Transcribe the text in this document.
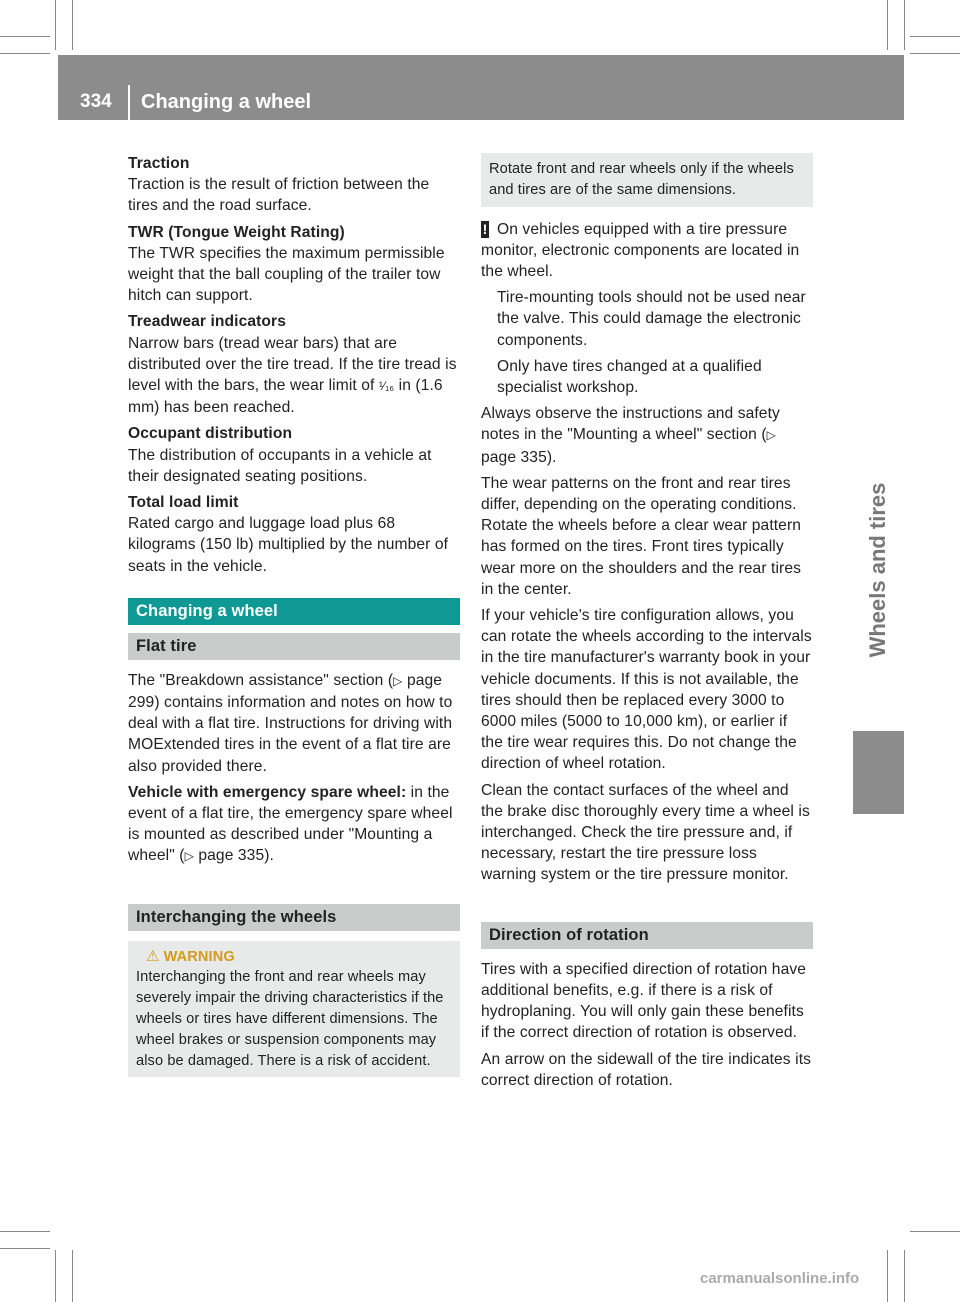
334 Changing a wheel
Wheels and tires

Traction

Traction is the result of friction between the tires and the road surface.

TWR (Tongue Weight Rating)

The TWR specifies the maximum permissible weight that the ball coupling of the trailer tow hitch can support.

Treadwear indicators

Narrow bars (tread wear bars) that are distributed over the tire tread. If the tire tread is level with the bars, the wear limit of ¹⁄₁₆ in (1.6 mm) has been reached.

Occupant distribution

The distribution of occupants in a vehicle at their designated seating positions.

Total load limit

Rated cargo and luggage load plus 68 kilograms (150 lb) multiplied by the number of seats in the vehicle.

Changing a wheel
Flat tire

The "Breakdown assistance" section (▷ page 299) contains information and notes on how to deal with a flat tire. Instructions for driving with MOExtended tires in the event of a flat tire are also provided there.

Vehicle with emergency spare wheel: in the event of a flat tire, the emergency spare wheel is mounted as described under "Mounting a wheel" (▷ page 335).

Interchanging the wheels
⚠ WARNING
Interchanging the front and rear wheels may severely impair the driving characteristics if the wheels or tires have different dimensions. The wheel brakes or suspension components may also be damaged. There is a risk of accident.
Rotate front and rear wheels only if the wheels and tires are of the same dimensions.

! On vehicles equipped with a tire pressure monitor, electronic components are located in the wheel.

Tire-mounting tools should not be used near the valve. This could damage the electronic components.

Only have tires changed at a qualified specialist workshop.

Always observe the instructions and safety notes in the "Mounting a wheel" section (▷ page 335).

The wear patterns on the front and rear tires differ, depending on the operating conditions. Rotate the wheels before a clear wear pattern has formed on the tires. Front tires typically wear more on the shoulders and the rear tires in the center.

If your vehicle's tire configuration allows, you can rotate the wheels according to the intervals in the tire manufacturer's warranty book in your vehicle documents. If this is not available, the tires should then be replaced every 3000 to 6000 miles (5000 to 10,000 km), or earlier if the tire wear requires this. Do not change the direction of wheel rotation.

Clean the contact surfaces of the wheel and the brake disc thoroughly every time a wheel is interchanged. Check the tire pressure and, if necessary, restart the tire pressure loss warning system or the tire pressure monitor.

Direction of rotation

Tires with a specified direction of rotation have additional benefits, e.g. if there is a risk of hydroplaning. You will only gain these benefits if the correct direction of rotation is observed.

An arrow on the sidewall of the tire indicates its correct direction of rotation.

carmanualsonline.info
